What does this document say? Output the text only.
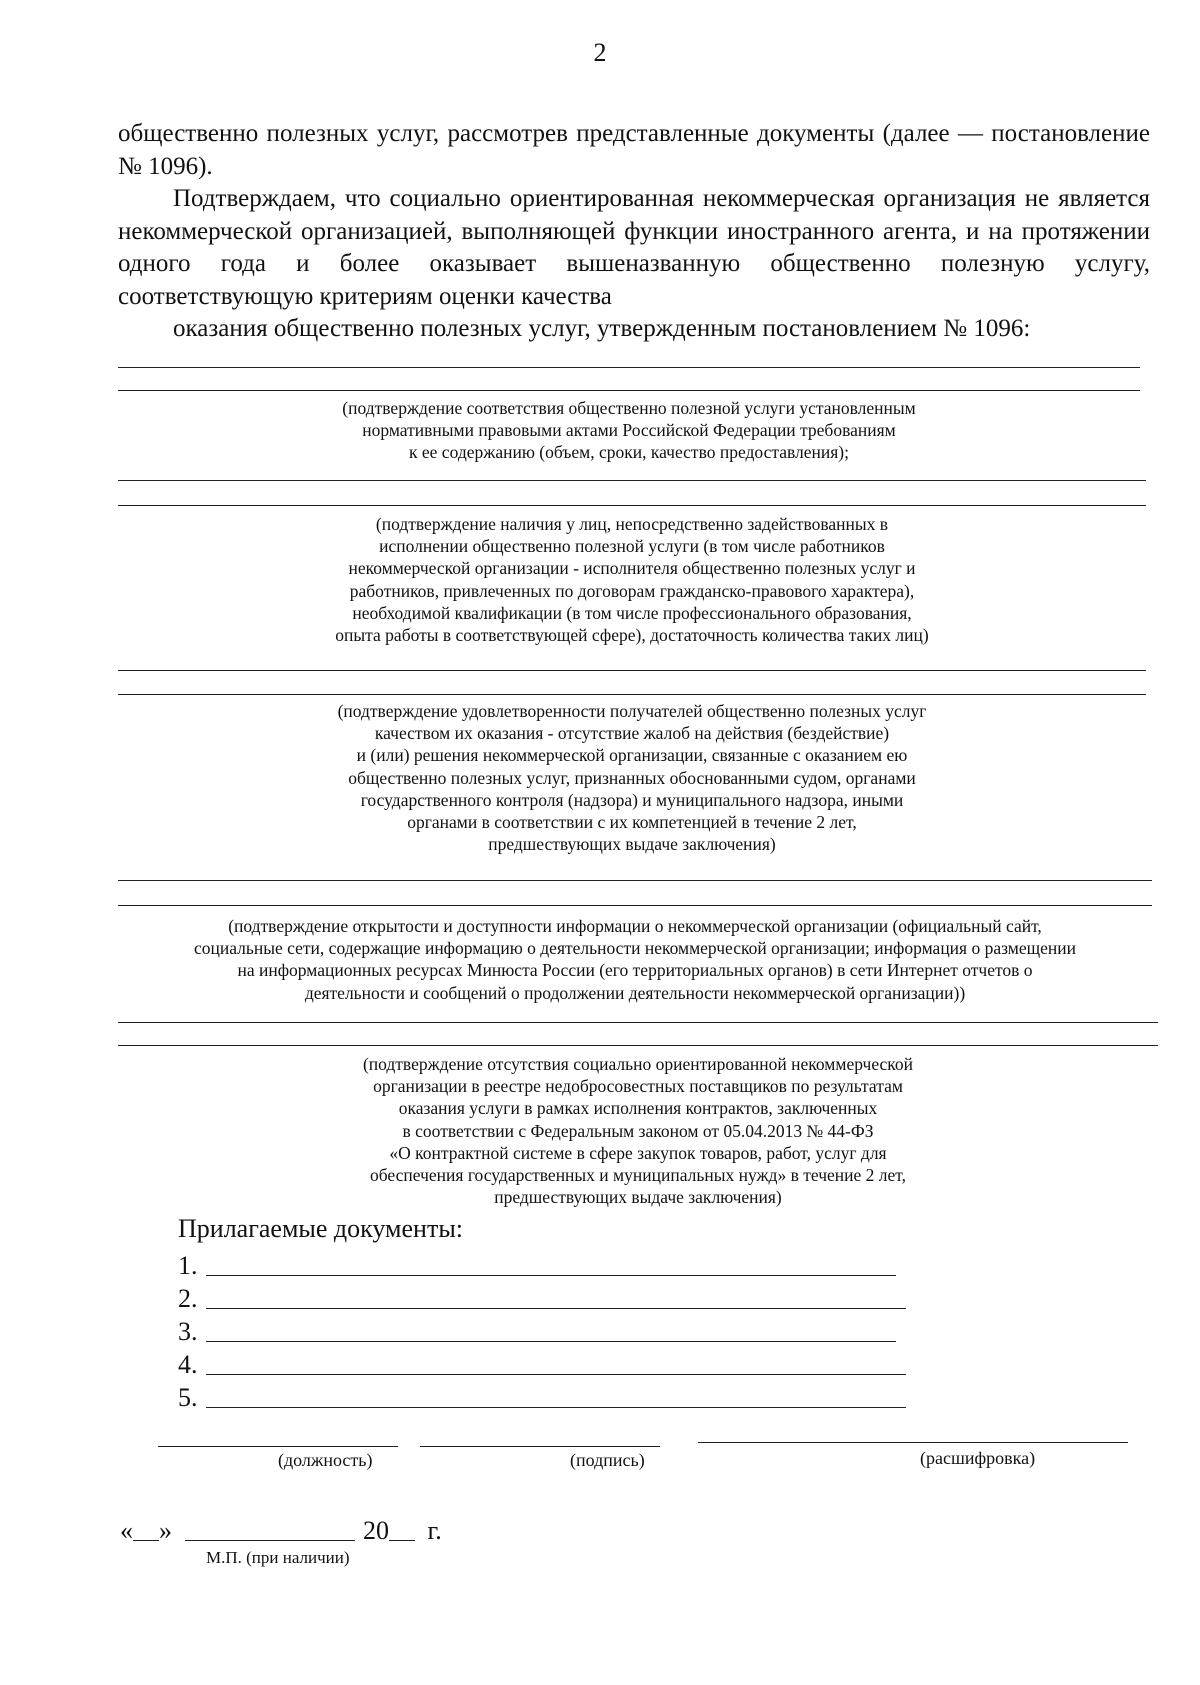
2
общественно полезных услуг, рассмотрев представленные документы (далее — постановление № 1096).
Подтверждаем, что социально ориентированная некоммерческая организация не является некоммерческой организацией, выполняющей функции иностранного агента, и на протяжении одного года и более оказывает вышеназванную общественно полезную услугу, соответствующую критериям оценки качества
оказания общественно полезных услуг, утвержденным постановлением № 1096:
(подтверждение соответствия общественно полезной услуги установленным
нормативными правовыми актами Российской Федерации требованиям
к ее содержанию (объем, сроки, качество предоставления);
(подтверждение наличия у лиц, непосредственно задействованных в
исполнении общественно полезной услуги (в том числе работников
некоммерческой организации - исполнителя общественно полезных услуг и
работников, привлеченных по договорам гражданско-правового характера),
необходимой квалификации (в том числе профессионального образования,
опыта работы в соответствующей сфере), достаточность количества таких лиц)
(подтверждение удовлетворенности получателей общественно полезных услуг
качеством их оказания - отсутствие жалоб на действия (бездействие)
и (или) решения некоммерческой организации, связанные с оказанием ею
общественно полезных услуг, признанных обоснованными судом, органами
государственного контроля (надзора) и муниципального надзора, иными
органами в соответствии с их компетенцией в течение 2 лет,
предшествующих выдаче заключения)
(подтверждение открытости и доступности информации о некоммерческой организации (официальный сайт,
социальные сети, содержащие информацию о деятельности некоммерческой организации; информация о размещении
на информационных ресурсах Минюста России (его территориальных органов) в сети Интернет отчетов о
деятельности и сообщений о продолжении деятельности некоммерческой организации))
(подтверждение отсутствия социально ориентированной некоммерческой
организации в реестре недобросовестных поставщиков по результатам
оказания услуги в рамках исполнения контрактов, заключенных
в соответствии с Федеральным законом от 05.04.2013 № 44-ФЗ
«О контрактной системе в сфере закупок товаров, работ, услуг для
обеспечения государственных и муниципальных нужд» в течение 2 лет,
предшествующих выдаче заключения)
Прилагаемые документы:
1.
2.
3.
4.
5.
(должность)	(подпись)	(расшифровка)
« »	20 г.
М.П. (при наличии)
